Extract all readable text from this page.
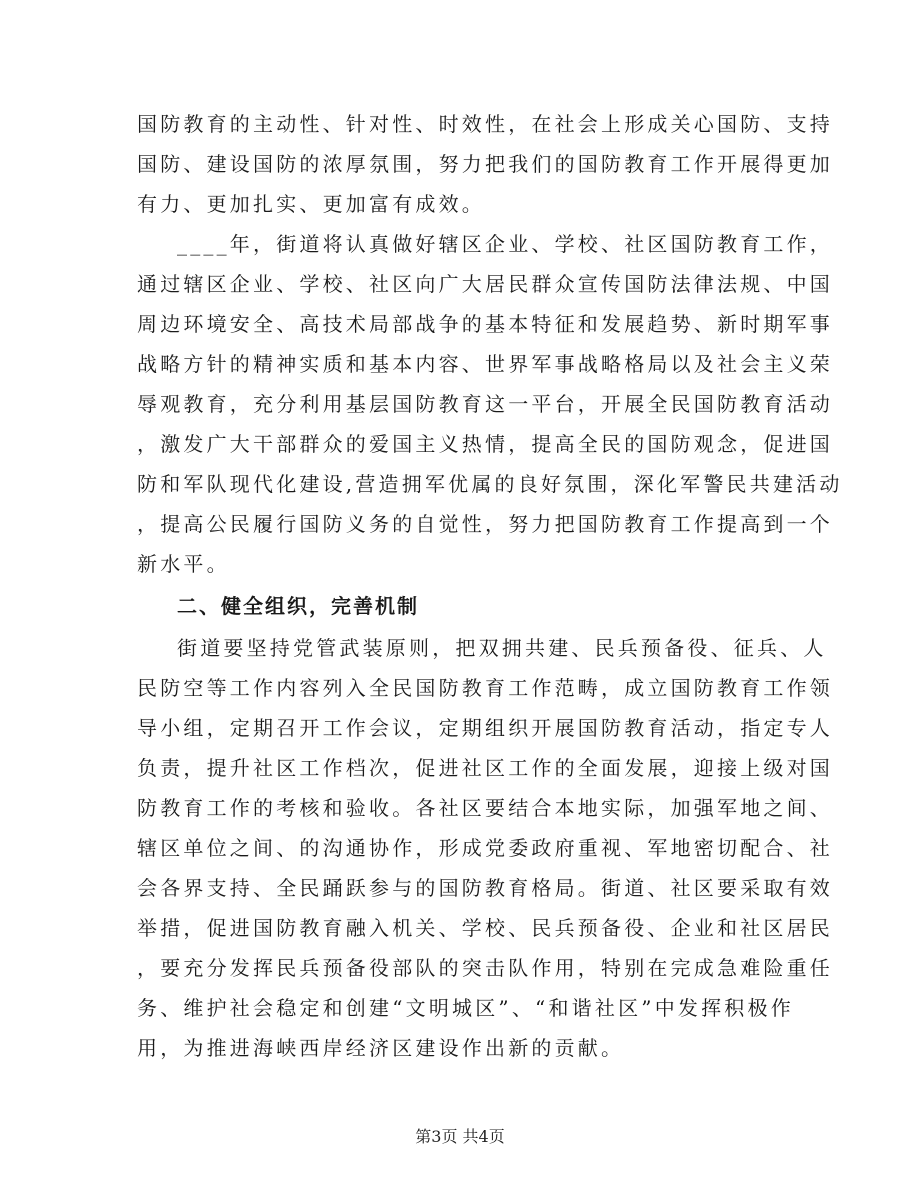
国防教育的主动性、针对性、时效性，在社会上形成关心国防、支持
国防、建设国防的浓厚氛围，努力把我们的国防教育工作开展得更加
有力、更加扎实、更加富有成效。
____年，街道将认真做好辖区企业、学校、社区国防教育工作，
通过辖区企业、学校、社区向广大居民群众宣传国防法律法规、中国
周边环境安全、高技术局部战争的基本特征和发展趋势、新时期军事
战略方针的精神实质和基本内容、世界军事战略格局以及社会主义荣
辱观教育，充分利用基层国防教育这一平台，开展全民国防教育活动
，激发广大干部群众的爱国主义热情，提高全民的国防观念，促进国
防和军队现代化建设,营造拥军优属的良好氛围，深化军警民共建活动
，提高公民履行国防义务的自觉性，努力把国防教育工作提高到一个
新水平。
二、健全组织，完善机制
街道要坚持党管武装原则，把双拥共建、民兵预备役、征兵、人
民防空等工作内容列入全民国防教育工作范畴，成立国防教育工作领
导小组，定期召开工作会议，定期组织开展国防教育活动，指定专人
负责，提升社区工作档次，促进社区工作的全面发展，迎接上级对国
防教育工作的考核和验收。各社区要结合本地实际，加强军地之间、
辖区单位之间、的沟通协作，形成党委政府重视、军地密切配合、社
会各界支持、全民踊跃参与的国防教育格局。街道、社区要采取有效
举措，促进国防教育融入机关、学校、民兵预备役、企业和社区居民
，要充分发挥民兵预备役部队的突击队作用，特别在完成急难险重任
务、维护社会稳定和创建“文明城区”、“和谐社区”中发挥积极作
用，为推进海峡西岸经济区建设作出新的贡献。
第3页 共4页
